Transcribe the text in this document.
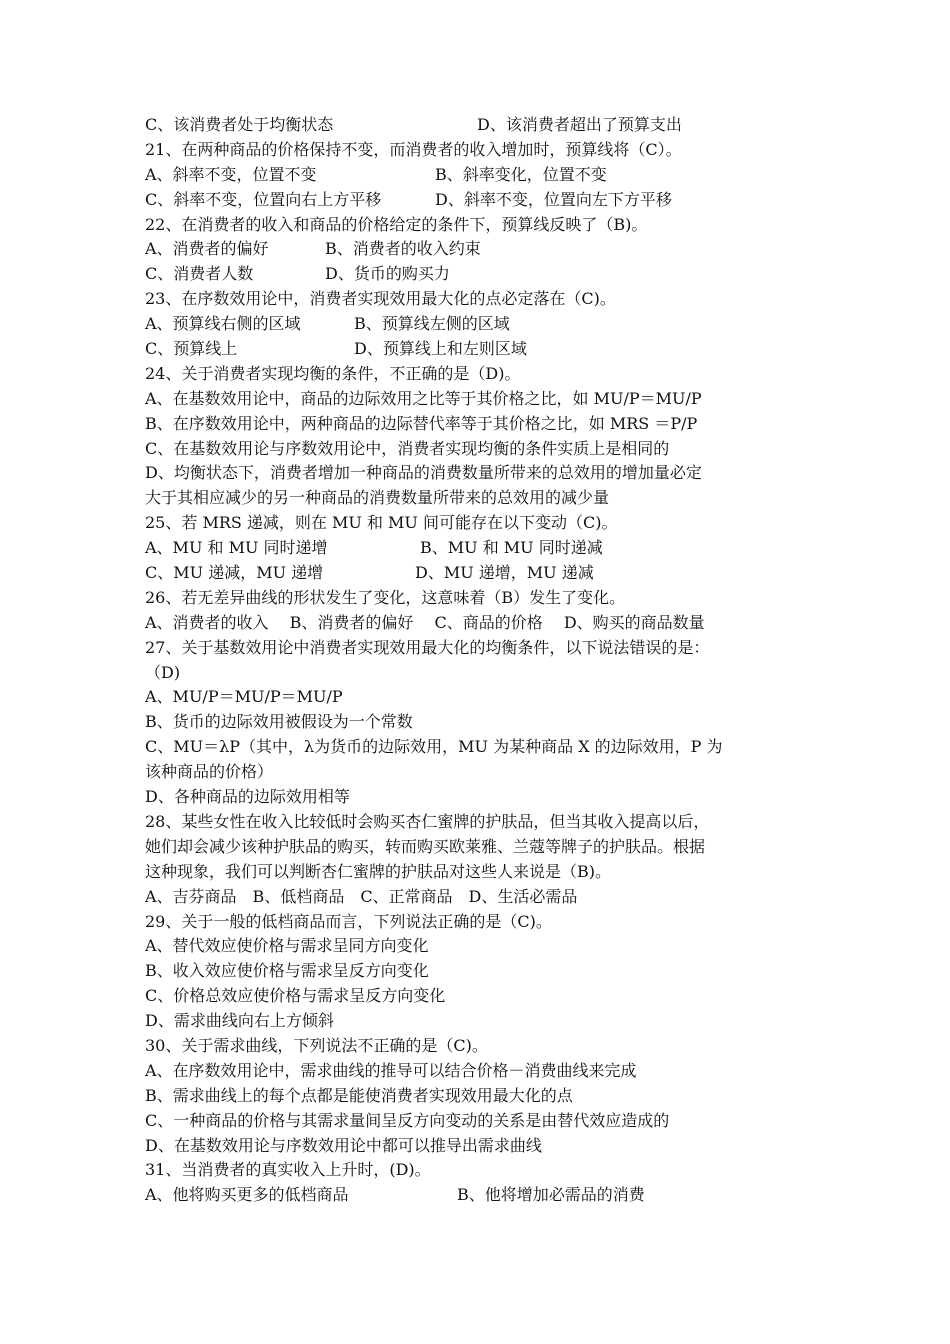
C、该消费者处于均衡状态	D、该消费者超出了预算支出
21、在两种商品的价格保持不变，而消费者的收入增加时，预算线将（C）。
A、斜率不变，位置不变	B、斜率变化，位置不变
C、斜率不变，位置向右上方平移	D、斜率不变，位置向左下方平移
22、在消费者的收入和商品的价格给定的条件下，预算线反映了（B)。
A、消费者的偏好	B、消费者的收入约束
C、消费者人数	D、货币的购买力
23、在序数效用论中，消费者实现效用最大化的点必定落在（C)。
A、预算线右侧的区域	B、预算线左侧的区域
C、预算线上	D、预算线上和左则区域
24、关于消费者实现均衡的条件，不正确的是（D)。
A、在基数效用论中，商品的边际效用之比等于其价格之比，如 MU/P＝MU/P
B、在序数效用论中，两种商品的边际替代率等于其价格之比，如 MRS ＝P/P
C、在基数效用论与序数效用论中，消费者实现均衡的条件实质上是相同的
D、均衡状态下，消费者增加一种商品的消费数量所带来的总效用的增加量必定
大于其相应减少的另一种商品的消费数量所带来的总效用的减少量
25、若 MRS 递减，则在 MU 和 MU 间可能存在以下变动（C)。
A、MU 和 MU 同时递增	B、MU 和 MU 同时递减
C、MU 递减，MU 递增	D、MU 递增，MU 递减
26、若无差异曲线的形状发生了变化，这意味着（B）发生了变化。
A、消费者的收入　 B、消费者的偏好　 C、商品的价格　 D、购买的商品数量
27、关于基数效用论中消费者实现效用最大化的均衡条件，以下说法错误的是：
（D)
A、MU/P＝MU/P＝MU/P
B、货币的边际效用被假设为一个常数
C、MU＝λP（其中，λ为货币的边际效用，MU 为某种商品 X 的边际效用，P 为
该种商品的价格）
D、各种商品的边际效用相等
28、某些女性在收入比较低时会购买杏仁蜜牌的护肤品，但当其收入提高以后，
她们却会减少该种护肤品的购买，转而购买欧莱雅、兰蔻等牌子的护肤品。根据
这种现象，我们可以判断杏仁蜜牌的护肤品对这些人来说是（B)。
A、吉芬商品　B、低档商品　C、正常商品　D、生活必需品
29、关于一般的低档商品而言，下列说法正确的是（C)。
A、替代效应使价格与需求呈同方向变化
B、收入效应使价格与需求呈反方向变化
C、价格总效应使价格与需求呈反方向变化
D、需求曲线向右上方倾斜
30、关于需求曲线，下列说法不正确的是（C)。
A、在序数效用论中，需求曲线的推导可以结合价格－消费曲线来完成
B、需求曲线上的每个点都是能使消费者实现效用最大化的点
C、一种商品的价格与其需求量间呈反方向变动的关系是由替代效应造成的
D、在基数效用论与序数效用论中都可以推导出需求曲线
31、当消费者的真实收入上升时，(D)。
A、他将购买更多的低档商品	B、他将增加必需品的消费
